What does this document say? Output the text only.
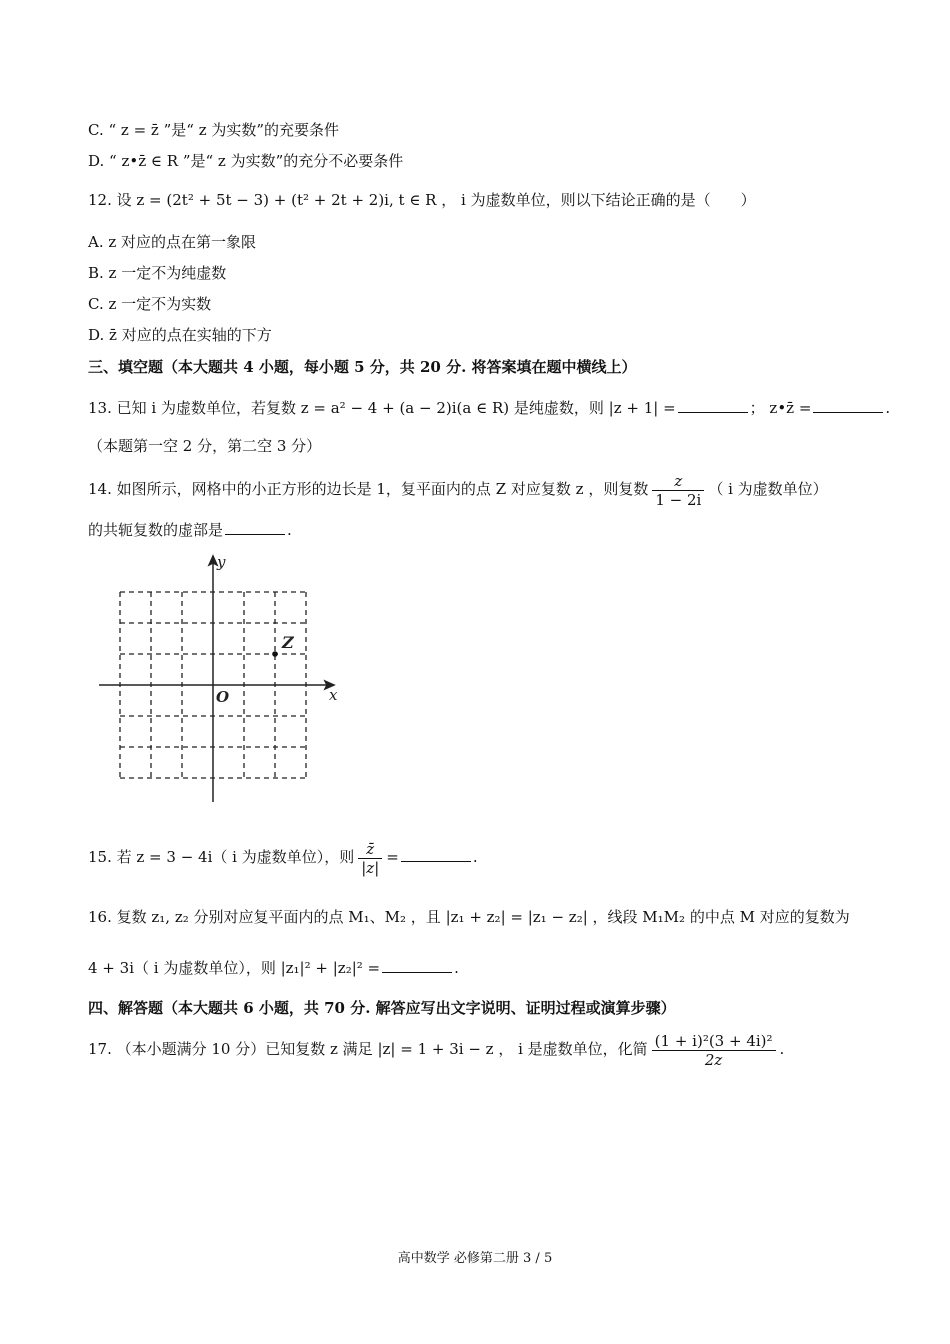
C. “ z = z̄ ”是“ z 为实数”的充要条件
D. “ z•z̄ ∈ R ”是“ z 为实数”的充分不必要条件
12. 设 z = (2t² + 5t − 3) + (t² + 2t + 2)i, t ∈ R ， i 为虚数单位，则以下结论正确的是（　　）
A. z 对应的点在第一象限
B. z 一定不为纯虚数
C. z 一定不为实数
D. z̄ 对应的点在实轴的下方
三、填空题（本大题共 4 小题，每小题 5 分，共 20 分. 将答案填在题中横线上）
13. 已知 i 为虚数单位，若复数 z = a² − 4 + (a − 2)i(a ∈ R) 是纯虚数，则 |z + 1| =	； z•z̄ =	.
（本题第一空 2 分，第二空 3 分）
14. 如图所示，网格中的小正方形的边长是 1，复平面内的点 Z 对应复数 z ，则复数 $\frac{z}{1 - 2i}$ （ i 为虚数单位）
的共轭复数的虚部是	.
y
x
O
Z
15. 若 z = 3 − 4i（ i 为虚数单位），则 $\frac{z̄}{|z|}$ =	.
16. 复数 z₁, z₂ 分别对应复平面内的点 M₁、M₂ ，且 |z₁ + z₂| = |z₁ − z₂| ，线段 M₁M₂ 的中点 M 对应的复数为
4 + 3i（ i 为虚数单位），则 |z₁|² + |z₂|² =	.
四、解答题（本大题共 6 小题，共 70 分. 解答应写出文字说明、证明过程或演算步骤）
17. （本小题满分 10 分）已知复数 z 满足 |z| = 1 + 3i − z ， i 是虚数单位，化简 $\frac{\text{(1 + i)²(3 + 4i)²}}{2z}$ .
高中数学 必修第二册 3 / 5
